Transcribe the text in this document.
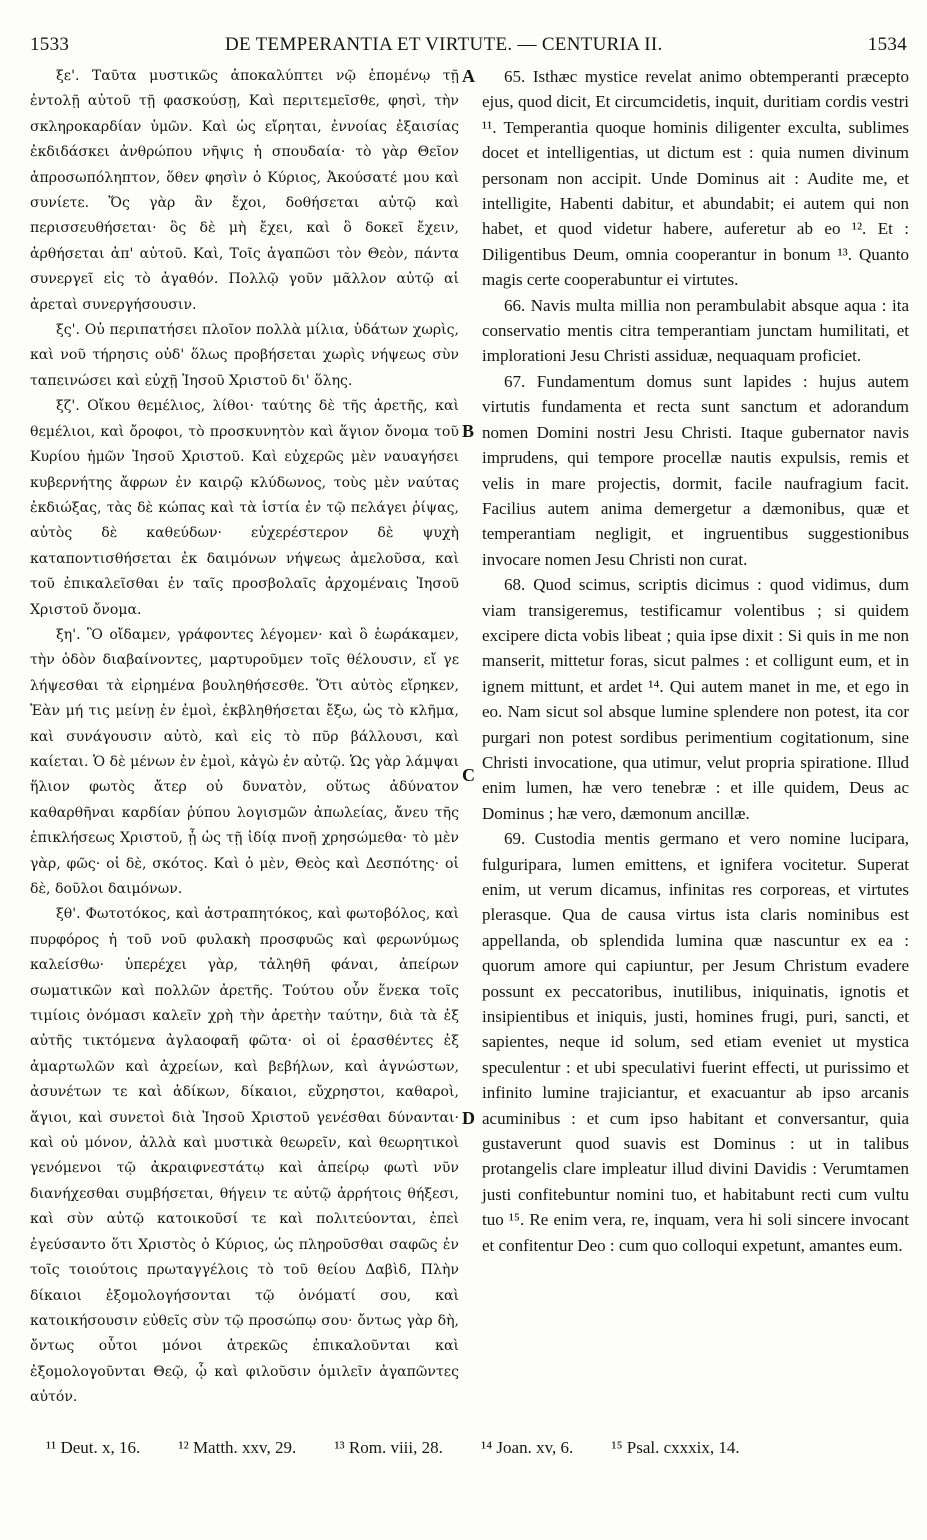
1533	DE TEMPERANTIA ET VIRTUTE. — CENTURIA II.	1534

ξε'. Ταῦτα μυστικῶς ἀποκαλύπτει νῷ ἑπομένῳ τῇ ἐντολῇ αὐτοῦ τῇ φασκούσῃ, Καὶ περιτεμεῖσθε, φησὶ, τὴν σκληροκαρδίαν ὑμῶν. Καὶ ὡς εἴρηται, ἐννοίας ἐξαισίας ἐκδιδάσκει ἀνθρώπου νῆψις ἡ σπουδαία· τὸ γὰρ Θεῖον ἀπροσωπόληπτον, ὅθεν φησὶν ὁ Κύριος, Ἀκούσατέ μου καὶ συνίετε. Ὅς γὰρ ἂν ἔχοι, δοθήσεται αὐτῷ καὶ περισσευθήσεται· ὃς δὲ μὴ ἔχει, καὶ ὃ δοκεῖ ἔχειν, ἀρθήσεται ἀπ' αὐτοῦ. Καὶ, Τοῖς ἀγαπῶσι τὸν Θεὸν, πάντα συνεργεῖ εἰς τὸ ἀγαθόν. Πολλῷ γοῦν μᾶλλον αὐτῷ αἱ ἀρεταὶ συνεργήσουσιν.

ξς'. Οὐ περιπατήσει πλοῖον πολλὰ μίλια, ὑδάτων χωρὶς, καὶ νοῦ τήρησις οὐδ' ὅλως προβήσεται χωρὶς νήψεως σὺν ταπεινώσει καὶ εὐχῇ Ἰησοῦ Χριστοῦ δι' ὅλης.

ξζ'. Οἴκου θεμέλιος, λίθοι· ταύτης δὲ τῆς ἀρετῆς, καὶ θεμέλιοι, καὶ ὄροφοι, τὸ προσκυνητὸν καὶ ἅγιον ὄνομα τοῦ Κυρίου ἡμῶν Ἰησοῦ Χριστοῦ. Καὶ εὐχερῶς μὲν ναυαγήσει κυβερνήτης ἄφρων ἐν καιρῷ κλύδωνος, τοὺς μὲν ναύτας ἐκδιώξας, τὰς δὲ κώπας καὶ τὰ ἱστία ἐν τῷ πελάγει ῥίψας, αὐτὸς δὲ καθεύδων· εὐχερέστερον δὲ ψυχὴ καταποντισθήσεται ἐκ δαιμόνων νήψεως ἀμελοῦσα, καὶ τοῦ ἐπικαλεῖσθαι ἐν ταῖς προσβολαῖς ἀρχομέναις Ἰησοῦ Χριστοῦ ὄνομα.

ξη'. Ὃ οἴδαμεν, γράφοντες λέγομεν· καὶ ὃ ἑωράκαμεν, τὴν ὁδὸν διαβαίνοντες, μαρτυροῦμεν τοῖς θέλουσιν, εἴ γε λήψεσθαι τὰ εἰρημένα βουληθήσεσθε. Ὅτι αὐτὸς εἴρηκεν, Ἐὰν μή τις μείνῃ ἐν ἐμοὶ, ἐκβληθήσεται ἔξω, ὡς τὸ κλῆμα, καὶ συνάγουσιν αὐτὸ, καὶ εἰς τὸ πῦρ βάλλουσι, καὶ καίεται. Ὁ δὲ μένων ἐν ἐμοὶ, κἀγὼ ἐν αὐτῷ. Ὡς γὰρ λάμψαι ἥλιον φωτὸς ἄτερ οὐ δυνατὸν, οὕτως ἀδύνατον καθαρθῆναι καρδίαν ῥύπου λογισμῶν ἀπωλείας, ἄνευ τῆς ἐπικλήσεως Χριστοῦ, ᾗ ὡς τῇ ἰδίᾳ πνοῇ χρησώμεθα· τὸ μὲν γὰρ, φῶς· οἱ δὲ, σκότος. Καὶ ὁ μὲν, Θεὸς καὶ Δεσπότης· οἱ δὲ, δοῦλοι δαιμόνων.

ξθ'. Φωτοτόκος, καὶ ἀστραπητόκος, καὶ φωτοβόλος, καὶ πυρφόρος ἡ τοῦ νοῦ φυλακὴ προσφυῶς καὶ φερωνύμως καλείσθω· ὑπερέχει γὰρ, τἀληθῆ φάναι, ἀπείρων σωματικῶν καὶ πολλῶν ἀρετῆς. Τούτου οὖν ἕνεκα τοῖς τιμίοις ὀνόμασι καλεῖν χρὴ τὴν ἀρετὴν ταύτην, διὰ τὰ ἐξ αὐτῆς τικτόμενα ἀγλαοφαῆ φῶτα· οἱ οἱ ἐρασθέντες ἐξ ἁμαρτωλῶν καὶ ἀχρείων, καὶ βεβήλων, καὶ ἀγνώστων, ἀσυνέτων τε καὶ ἀδίκων, δίκαιοι, εὔχρηστοι, καθαροὶ, ἅγιοι, καὶ συνετοὶ διὰ Ἰησοῦ Χριστοῦ γενέσθαι δύνανται· καὶ οὐ μόνον, ἀλλὰ καὶ μυστικὰ θεωρεῖν, καὶ θεωρητικοὶ γενόμενοι τῷ ἀκραιφνεστάτῳ καὶ ἀπείρῳ φωτὶ νῦν διανήχεσθαι συμβήσεται, θήγειν τε αὐτῷ ἀρρήτοις θήξεσι, καὶ σὺν αὐτῷ κατοικοῦσί τε καὶ πολιτεύονται, ἐπεὶ ἐγεύσαντο ὅτι Χριστὸς ὁ Κύριος, ὡς πληροῦσθαι σαφῶς ἐν τοῖς τοιούτοις πρωταγγέλοις τὸ τοῦ θείου Δαβὶδ, Πλὴν δίκαιοι ἐξομολογήσονται τῷ ὀνόματί σου, καὶ κατοικήσουσιν εὐθεῖς σὺν τῷ προσώπῳ σου· ὄντως γὰρ δὴ, ὄντως οὗτοι μόνοι ἀτρεκῶς ἐπικαλοῦνται καὶ ἐξομολογοῦνται Θεῷ, ᾧ καὶ φιλοῦσιν ὁμιλεῖν ἀγαπῶντες αὐτόν.

A
B
C
D

65. Isthæc mystice revelat animo obtemperanti præcepto ejus, quod dicit, Et circumcidetis, inquit, duritiam cordis vestri ¹¹. Temperantia quoque hominis diligenter exculta, sublimes docet et intelligentias, ut dictum est : quia numen divinum personam non accipit. Unde Dominus ait : Audite me, et intelligite, Habenti dabitur, et abundabit; ei autem qui non habet, et quod videtur habere, auferetur ab eo ¹². Et : Diligentibus Deum, omnia cooperantur in bonum ¹³. Quanto magis certe cooperabuntur ei virtutes.

66. Navis multa millia non perambulabit absque aqua : ita conservatio mentis citra temperantiam junctam humilitati, et implorationi Jesu Christi assiduæ, nequaquam proficiet.

67. Fundamentum domus sunt lapides : hujus autem virtutis fundamenta et recta sunt sanctum et adorandum nomen Domini nostri Jesu Christi. Itaque gubernator navis imprudens, qui tempore procellæ nautis expulsis, remis et velis in mare projectis, dormit, facile naufragium facit. Facilius autem anima demergetur a dæmonibus, quæ et temperantiam negligit, et ingruentibus suggestionibus invocare nomen Jesu Christi non curat.

68. Quod scimus, scriptis dicimus : quod vidimus, dum viam transigeremus, testificamur volentibus ; si quidem excipere dicta vobis libeat ; quia ipse dixit : Si quis in me non manserit, mittetur foras, sicut palmes : et colligunt eum, et in ignem mittunt, et ardet ¹⁴. Qui autem manet in me, et ego in eo. Nam sicut sol absque lumine splendere non potest, ita cor purgari non potest sordibus perimentium cogitationum, sine Christi invocatione, qua utimur, velut propria spiratione. Illud enim lumen, hæ vero tenebræ : et ille quidem, Deus ac Dominus ; hæ vero, dæmonum ancillæ.

69. Custodia mentis germano et vero nomine lucipara, fulguripara, lumen emittens, et ignifera vocitetur. Superat enim, ut verum dicamus, infinitas res corporeas, et virtutes plerasque. Qua de causa virtus ista claris nominibus est appellanda, ob splendida lumina quæ nascuntur ex ea : quorum amore qui capiuntur, per Jesum Christum evadere possunt ex peccatoribus, inutilibus, iniquinatis, ignotis et insipientibus et iniquis, justi, homines frugi, puri, sancti, et sapientes, neque id solum, sed etiam eveniet ut mystica speculentur : et ubi speculativi fuerint effecti, ut purissimo et infinito lumine trajiciantur, et exacuantur ab ipso arcanis acuminibus : et cum ipso habitant et conversantur, quia gustaverunt quod suavis est Dominus : ut in talibus protangelis clare impleatur illud divini Davidis : Verumtamen justi confitebuntur nomini tuo, et habitabunt recti cum vultu tuo ¹⁵. Re enim vera, re, inquam, vera hi soli sincere invocant et confitentur Deo : cum quo colloqui expetunt, amantes eum.

¹¹ Deut. x, 16. ¹² Matth. xxv, 29. ¹³ Rom. viii, 28. ¹⁴ Joan. xv, 6. ¹⁵ Psal. cxxxix, 14.
